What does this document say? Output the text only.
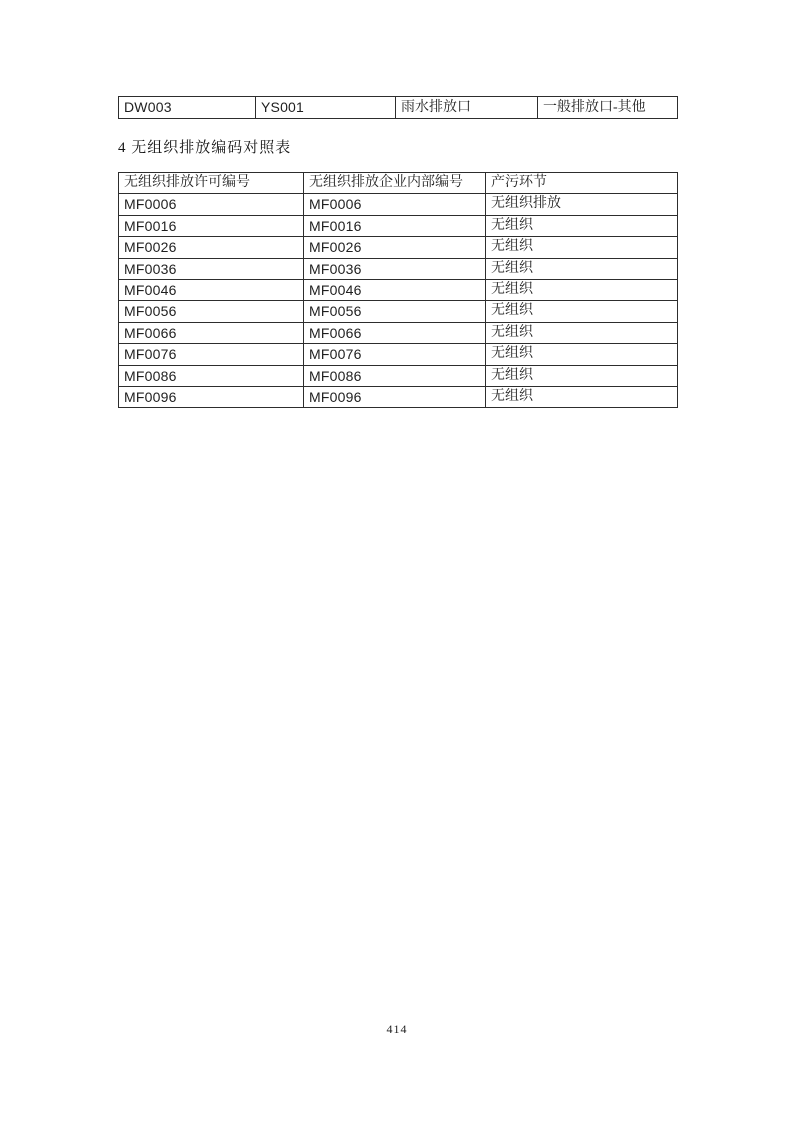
DW003	YS001	雨水排放口	一般排放口-其他
4 无组织排放编码对照表
无组织排放许可编号	无组织排放企业内部编号	产污环节
MF0006	MF0006	无组织排放
MF0016	MF0016	无组织
MF0026	MF0026	无组织
MF0036	MF0036	无组织
MF0046	MF0046	无组织
MF0056	MF0056	无组织
MF0066	MF0066	无组织
MF0076	MF0076	无组织
MF0086	MF0086	无组织
MF0096	MF0096	无组织
414
